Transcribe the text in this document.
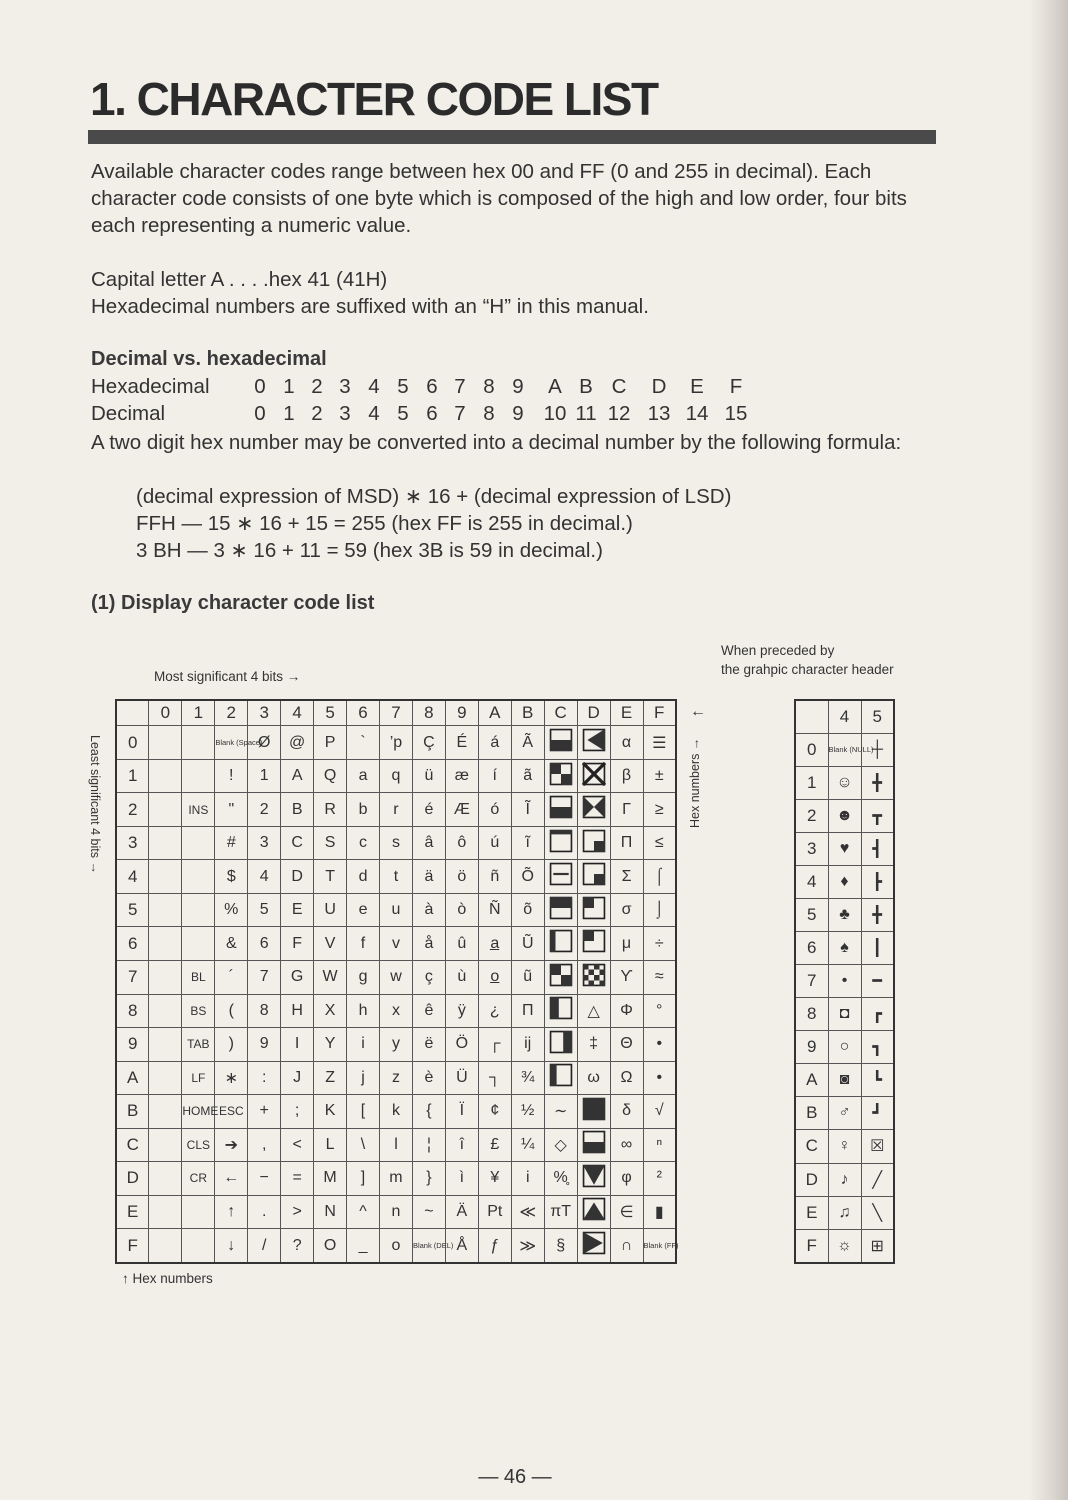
1. CHARACTER CODE LIST

Available character codes range between hex 00 and FF (0 and 255 in decimal). Each character code consists of one byte which is composed of the high and low order, four bits each representing a numeric value.

Capital letter A . . . .hex 41 (41H)

Hexadecimal numbers are suffixed with an “H” in this manual.

Decimal vs. hexadecimal
Hexadecimal	0 1 2 3 4 5 6 7 8 9	A B C	D	E	F
Decimal	0 1 2 3 4 5 6 7 8 9 10 11 12 13 14 15

A two digit hex number may be converted into a decimal number by the following formula:

(decimal expression of MSD) ∗ 16 + (decimal expression of LSD)
FFH — 15 ∗ 16 + 15 = 255 (hex FF is 255 in decimal.)
3 BH — 3 ∗ 16 + 11 = 59 (hex 3B is 59 in decimal.)
(1) Display character code list
Most significant 4 bits →
When preceded by
the grahpic character header
←
Least significant 4 bits →	Hex numbers →
	0	1	2	3	4	5	6	7	8	9	A	B	C	D	E	F
0			Blank (Space)	Ø	@	P	`	’p	Ç	É	á	Ã			α	☰
1			!	1	A	Q	a	q	ü	æ	í	ã			β	±
2		INS	"	2	B	R	b	r	é	Æ	ó	Ĩ			Γ	≥
3			#	3	C	S	c	s	â	ô	ú	ĩ			Π	≤
4			$	4	D	T	d	t	ä	ö	ñ	Õ			Σ	⌠
5			%	5	E	U	e	u	à	ò	Ñ	õ			σ	⌡
6			&	6	F	V	f	v	å	û	a̲	Ũ			μ	÷
7		BL	´	7	G	W	g	w	ç	ù	o̲	ũ			ϒ	≈
8		BS	(	8	H	X	h	x	ê	ÿ	¿	Π		△	Φ	°
9		TAB	)	9	I	Y	i	y	ë	Ö	┌	ĳ		‡	Θ	•
A		LF	∗	:	J	Z	j	z	è	Ü	┐	¾		ω	Ω	•
B		HOME	ESC	+	;	K	[	k	{	Ï	¢	½	∼		δ	√
C		CLS	➔	,	<	L	\	l	¦	î	£	¼	◇		∞	ⁿ
D		CR	←	−	=	M	]	m	}	ì	¥	i	%̥		φ	²
E			↑	.	>	N	^	n	~	Ä	Pt	≪	πΤ		∈	▮
F			↓	/	?	O	_	o	Blank (DEL)	Å	ƒ	≫	§		∩	Blank (FF)
	4	5
0	Blank (NULL)	┼
1	☺	╋
2	☻	┳
3	♥	┫
4	♦	┣
5	♣	╋
6	♠	┃
7	•	━
8	◘	┏
9	○	┓
A	◙	┗
B	♂	┛
C	♀	☒
D	♪	╱
E	♫	╲
F	☼	⊞
↑ Hex numbers
— 46 —
